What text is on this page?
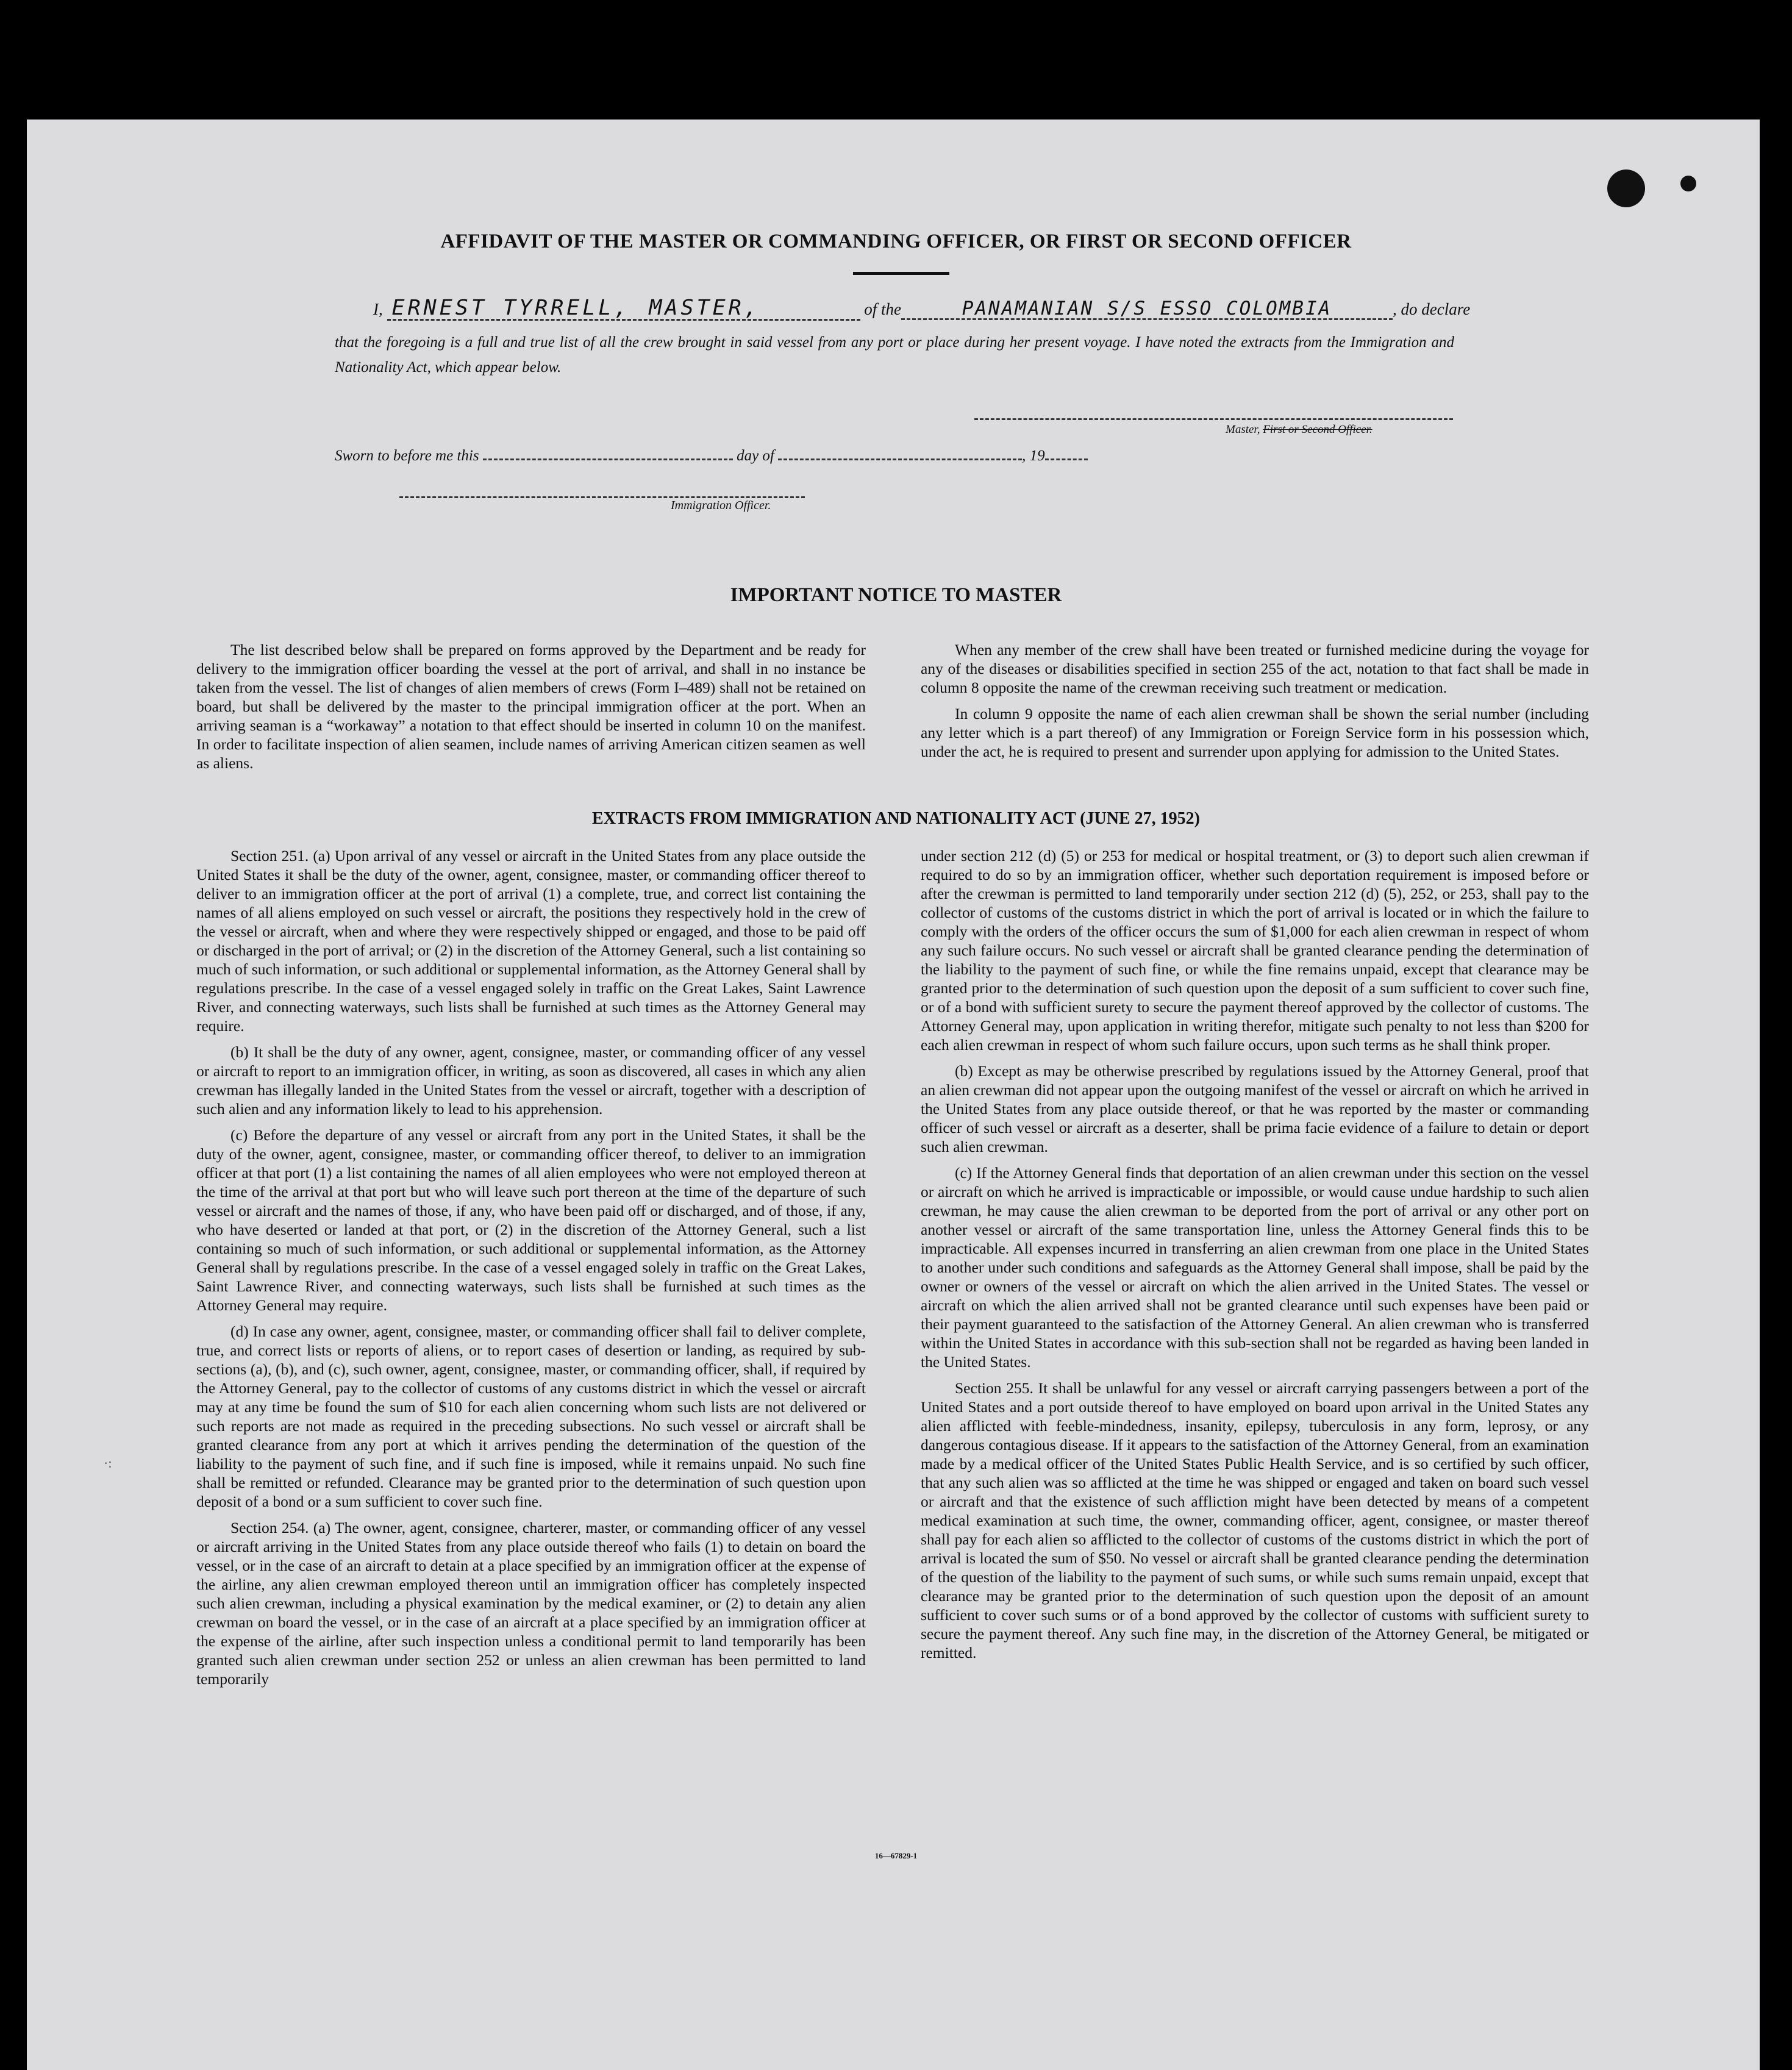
·:
AFFIDAVIT OF THE MASTER OR COMMANDING OFFICER, OR FIRST OR SECOND OFFICER
I, ERNEST TYRRELL, MASTER,	of the	PANAMANIAN S/S ESSO COLOMBIA	, do declare
that the foregoing is a full and true list of all the crew brought in said vessel from any port or place during her present voyage. I have noted the extracts from the Immigration and Nationality Act, which appear below.
Master, First or Second Officer.
Sworn to before me this	day of	, 19
Immigration Officer.
IMPORTANT NOTICE TO MASTER

The list described below shall be prepared on forms approved by the Department and be ready for delivery to the immigration officer boarding the vessel at the port of arrival, and shall in no instance be taken from the vessel. The list of changes of alien members of crews (Form I–489) shall not be retained on board, but shall be delivered by the master to the principal immigration officer at the port. When an arriving seaman is a “workaway” a notation to that effect should be inserted in column 10 on the manifest. In order to facilitate inspection of alien seamen, include names of arriving American citizen seamen as well as aliens.

When any member of the crew shall have been treated or furnished medicine during the voyage for any of the diseases or disabilities specified in section 255 of the act, notation to that fact shall be made in column 8 opposite the name of the crewman receiving such treatment or medication.

In column 9 opposite the name of each alien crewman shall be shown the serial number (including any letter which is a part thereof) of any Immigration or Foreign Service form in his possession which, under the act, he is required to present and surrender upon applying for admission to the United States.

EXTRACTS FROM IMMIGRATION AND NATIONALITY ACT (JUNE 27, 1952)

Section 251. (a) Upon arrival of any vessel or aircraft in the United States from any place outside the United States it shall be the duty of the owner, agent, consignee, master, or commanding officer thereof to deliver to an immigration officer at the port of arrival (1) a complete, true, and correct list containing the names of all aliens employed on such vessel or aircraft, the positions they respectively hold in the crew of the vessel or aircraft, when and where they were respectively shipped or engaged, and those to be paid off or discharged in the port of arrival; or (2) in the discretion of the Attorney General, such a list containing so much of such information, or such additional or supplemental information, as the Attorney General shall by regulations prescribe. In the case of a vessel engaged solely in traffic on the Great Lakes, Saint Lawrence River, and connecting waterways, such lists shall be furnished at such times as the Attorney General may require.

(b) It shall be the duty of any owner, agent, consignee, master, or commanding officer of any vessel or aircraft to report to an immigration officer, in writing, as soon as discovered, all cases in which any alien crewman has illegally landed in the United States from the vessel or aircraft, together with a description of such alien and any information likely to lead to his apprehension.

(c) Before the departure of any vessel or aircraft from any port in the United States, it shall be the duty of the owner, agent, consignee, master, or commanding officer thereof, to deliver to an immigration officer at that port (1) a list containing the names of all alien employees who were not employed thereon at the time of the arrival at that port but who will leave such port thereon at the time of the departure of such vessel or aircraft and the names of those, if any, who have been paid off or discharged, and of those, if any, who have deserted or landed at that port, or (2) in the discretion of the Attorney General, such a list containing so much of such information, or such additional or supplemental information, as the Attorney General shall by regulations prescribe. In the case of a vessel engaged solely in traffic on the Great Lakes, Saint Lawrence River, and connecting waterways, such lists shall be furnished at such times as the Attorney General may require.

(d) In case any owner, agent, consignee, master, or commanding officer shall fail to deliver complete, true, and correct lists or reports of aliens, or to report cases of desertion or landing, as required by sub-sections (a), (b), and (c), such owner, agent, consignee, master, or commanding officer, shall, if required by the Attorney General, pay to the collector of customs of any customs district in which the vessel or aircraft may at any time be found the sum of $10 for each alien concerning whom such lists are not delivered or such reports are not made as required in the preceding subsections. No such vessel or aircraft shall be granted clearance from any port at which it arrives pending the determination of the question of the liability to the payment of such fine, and if such fine is imposed, while it remains unpaid. No such fine shall be remitted or refunded. Clearance may be granted prior to the determination of such question upon deposit of a bond or a sum sufficient to cover such fine.

Section 254. (a) The owner, agent, consignee, charterer, master, or commanding officer of any vessel or aircraft arriving in the United States from any place outside thereof who fails (1) to detain on board the vessel, or in the case of an aircraft to detain at a place specified by an immigration officer at the expense of the airline, any alien crewman employed thereon until an immigration officer has completely inspected such alien crewman, including a physical examination by the medical examiner, or (2) to detain any alien crewman on board the vessel, or in the case of an aircraft at a place specified by an immigration officer at the expense of the airline, after such inspection unless a conditional permit to land temporarily has been granted such alien crewman under section 252 or unless an alien crewman has been permitted to land temporarily

under section 212 (d) (5) or 253 for medical or hospital treatment, or (3) to deport such alien crewman if required to do so by an immigration officer, whether such deportation requirement is imposed before or after the crewman is permitted to land temporarily under section 212 (d) (5), 252, or 253, shall pay to the collector of customs of the customs district in which the port of arrival is located or in which the failure to comply with the orders of the officer occurs the sum of $1,000 for each alien crewman in respect of whom any such failure occurs. No such vessel or aircraft shall be granted clearance pending the determination of the liability to the payment of such fine, or while the fine remains unpaid, except that clearance may be granted prior to the determination of such question upon the deposit of a sum sufficient to cover such fine, or of a bond with sufficient surety to secure the payment thereof approved by the collector of customs. The Attorney General may, upon application in writing therefor, mitigate such penalty to not less than $200 for each alien crewman in respect of whom such failure occurs, upon such terms as he shall think proper.

(b) Except as may be otherwise prescribed by regulations issued by the Attorney General, proof that an alien crewman did not appear upon the outgoing manifest of the vessel or aircraft on which he arrived in the United States from any place outside thereof, or that he was reported by the master or commanding officer of such vessel or aircraft as a deserter, shall be prima facie evidence of a failure to detain or deport such alien crewman.

(c) If the Attorney General finds that deportation of an alien crewman under this section on the vessel or aircraft on which he arrived is impracticable or impossible, or would cause undue hardship to such alien crewman, he may cause the alien crewman to be deported from the port of arrival or any other port on another vessel or aircraft of the same transportation line, unless the Attorney General finds this to be impracticable. All expenses incurred in transferring an alien crewman from one place in the United States to another under such conditions and safeguards as the Attorney General shall impose, shall be paid by the owner or owners of the vessel or aircraft on which the alien arrived in the United States. The vessel or aircraft on which the alien arrived shall not be granted clearance until such expenses have been paid or their payment guaranteed to the satisfaction of the Attorney General. An alien crewman who is transferred within the United States in accordance with this sub-section shall not be regarded as having been landed in the United States.

Section 255. It shall be unlawful for any vessel or aircraft carrying passengers between a port of the United States and a port outside thereof to have employed on board upon arrival in the United States any alien afflicted with feeble-mindedness, insanity, epilepsy, tuberculosis in any form, leprosy, or any dangerous contagious disease. If it appears to the satisfaction of the Attorney General, from an examination made by a medical officer of the United States Public Health Service, and is so certified by such officer, that any such alien was so afflicted at the time he was shipped or engaged and taken on board such vessel or aircraft and that the existence of such affliction might have been detected by means of a competent medical examination at such time, the owner, commanding officer, agent, consignee, or master thereof shall pay for each alien so afflicted to the collector of customs of the customs district in which the port of arrival is located the sum of $50. No vessel or aircraft shall be granted clearance pending the determination of the question of the liability to the payment of such sums, or while such sums remain unpaid, except that clearance may be granted prior to the determination of such question upon the deposit of an amount sufficient to cover such sums or of a bond approved by the collector of customs with sufficient surety to secure the payment thereof. Any such fine may, in the discretion of the Attorney General, be mitigated or remitted.

16—67829-1
